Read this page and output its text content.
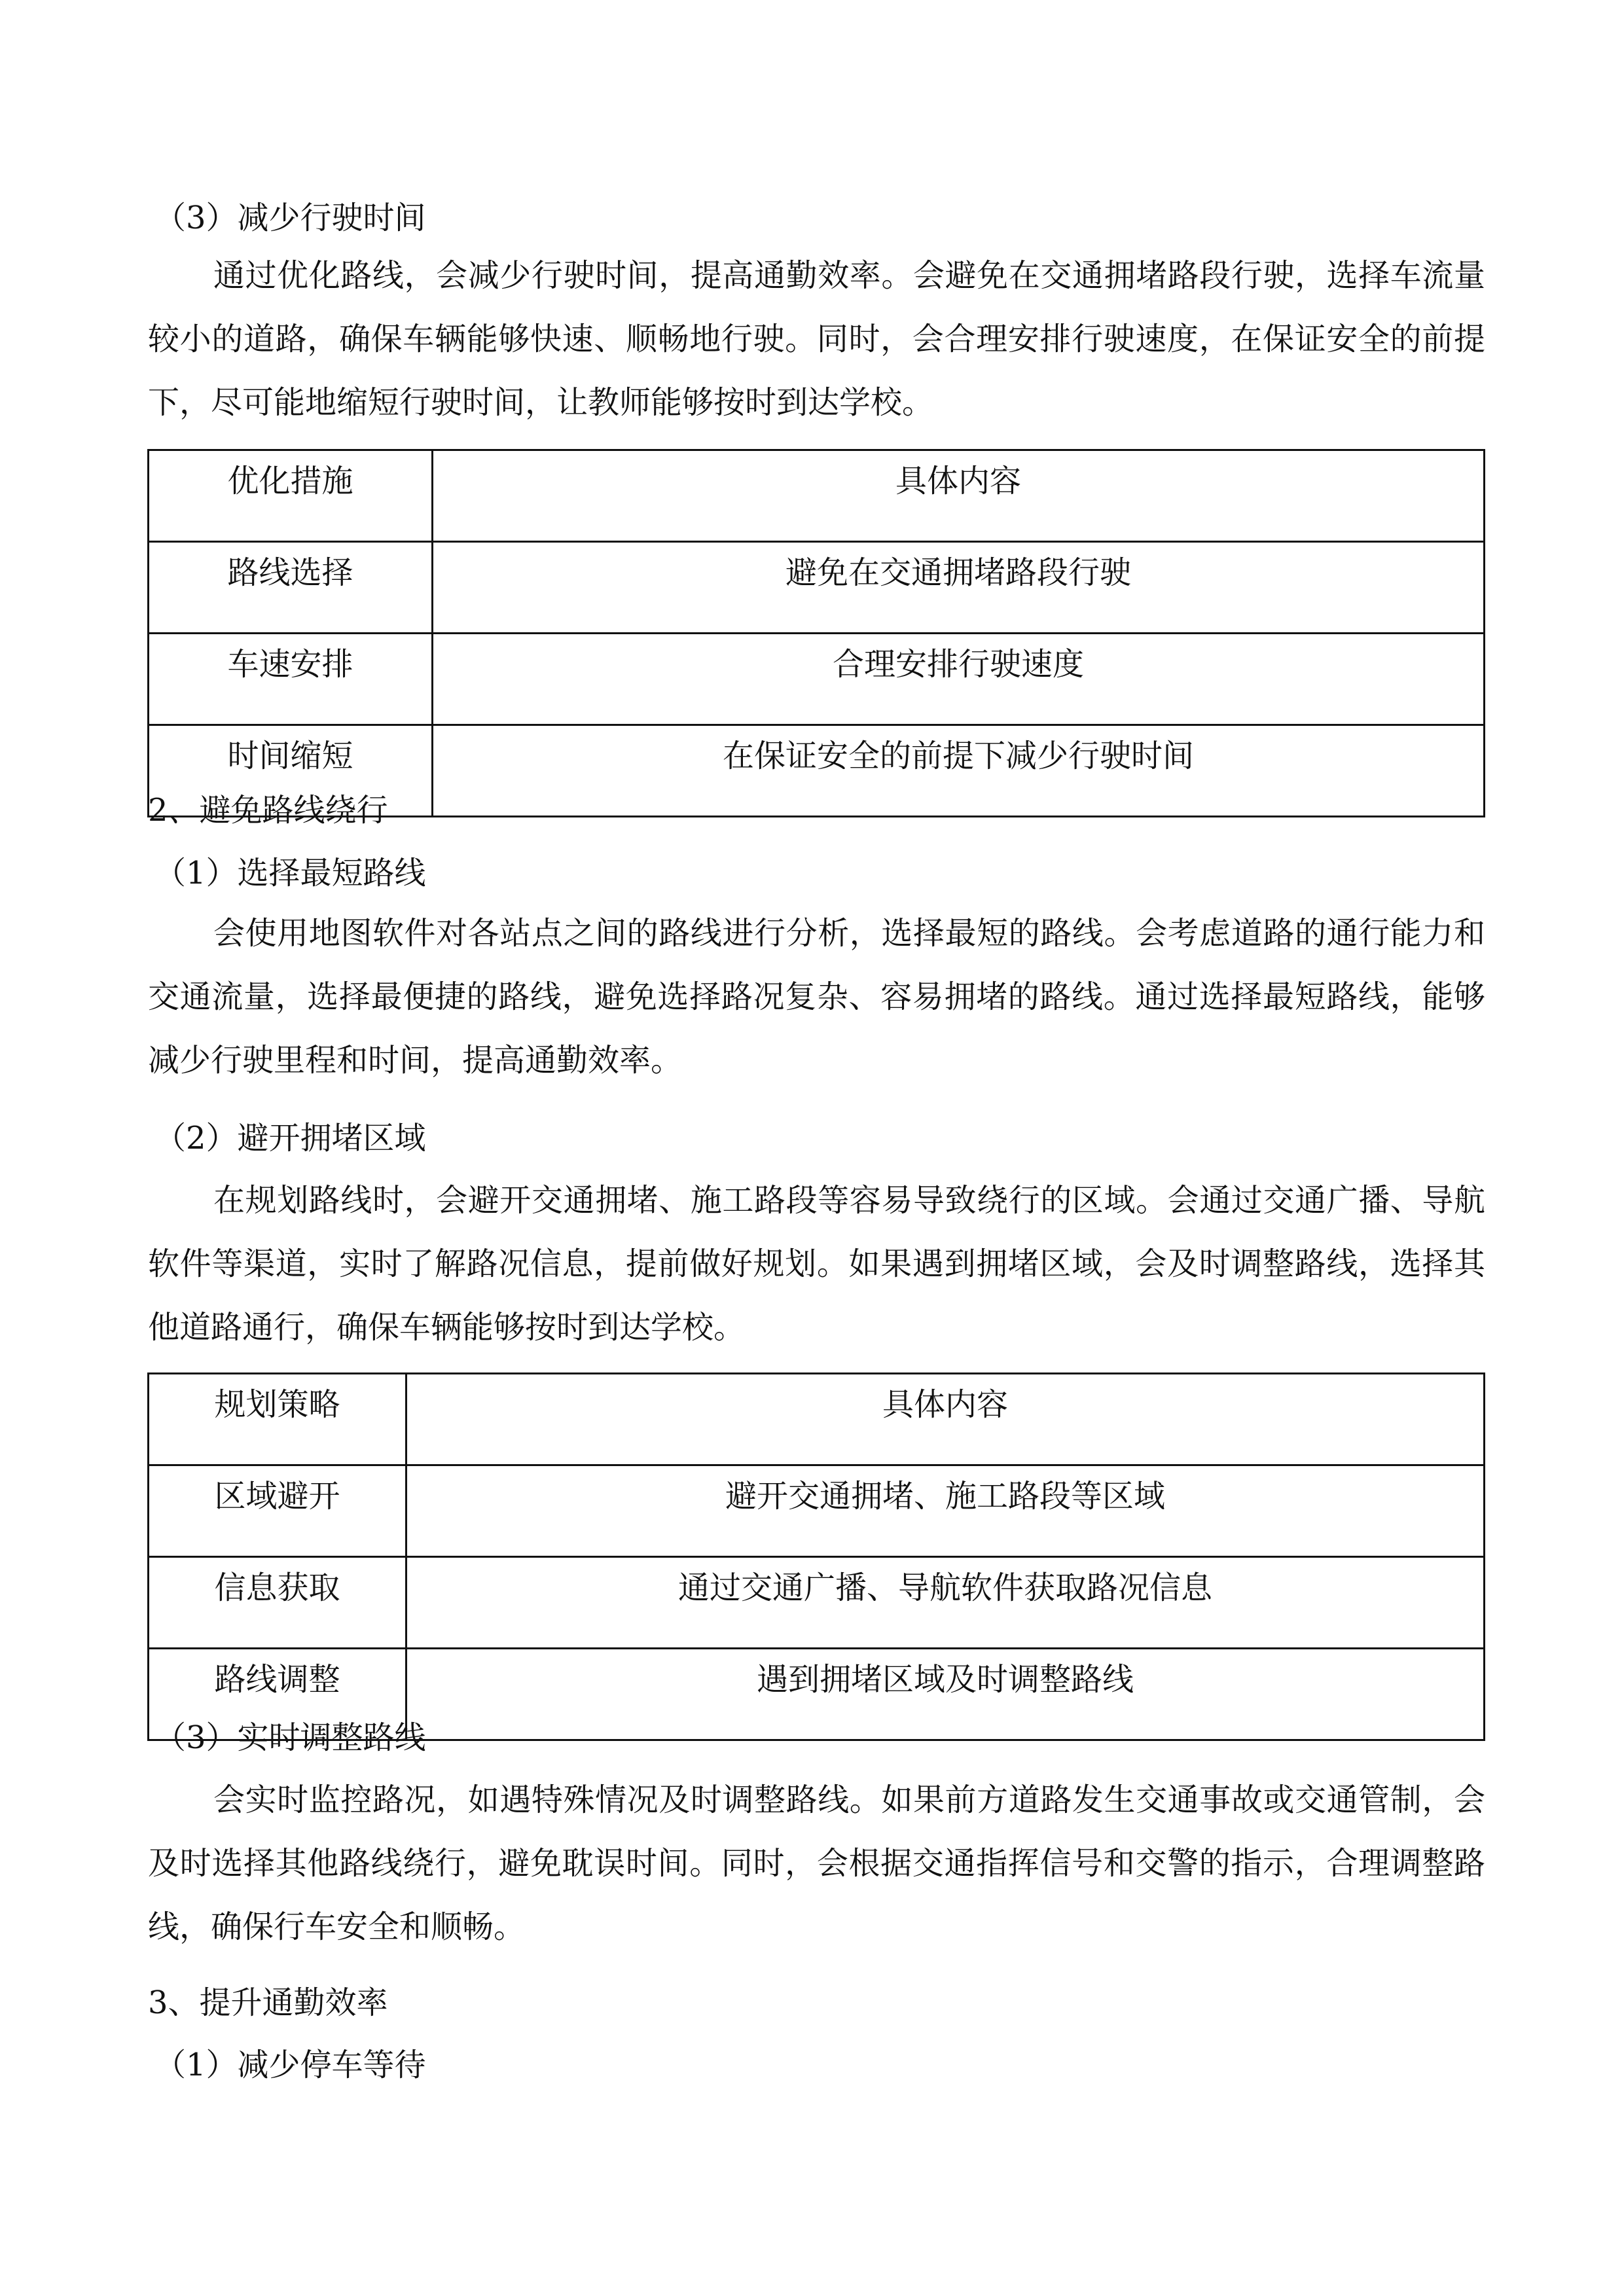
（3）减少行驶时间

通过优化路线，会减少行驶时间，提高通勤效率。会避免在交通拥堵路段行驶，选择车流量较小的道路，确保车辆能够快速、顺畅地行驶。同时，会合理安排行驶速度，在保证安全的前提下，尽可能地缩短行驶时间，让教师能够按时到达学校。

优化措施	具体内容
路线选择	避免在交通拥堵路段行驶
车速安排	合理安排行驶速度
时间缩短	在保证安全的前提下减少行驶时间

2、避免路线绕行

（1）选择最短路线

会使用地图软件对各站点之间的路线进行分析，选择最短的路线。会考虑道路的通行能力和交通流量，选择最便捷的路线，避免选择路况复杂、容易拥堵的路线。通过选择最短路线，能够减少行驶里程和时间，提高通勤效率。

（2）避开拥堵区域

在规划路线时，会避开交通拥堵、施工路段等容易导致绕行的区域。会通过交通广播、导航软件等渠道，实时了解路况信息，提前做好规划。如果遇到拥堵区域，会及时调整路线，选择其他道路通行，确保车辆能够按时到达学校。

规划策略	具体内容
区域避开	避开交通拥堵、施工路段等区域
信息获取	通过交通广播、导航软件获取路况信息
路线调整	遇到拥堵区域及时调整路线

（3）实时调整路线

会实时监控路况，如遇特殊情况及时调整路线。如果前方道路发生交通事故或交通管制，会及时选择其他路线绕行，避免耽误时间。同时，会根据交通指挥信号和交警的指示，合理调整路线，确保行车安全和顺畅。

3、提升通勤效率

（1）减少停车等待
